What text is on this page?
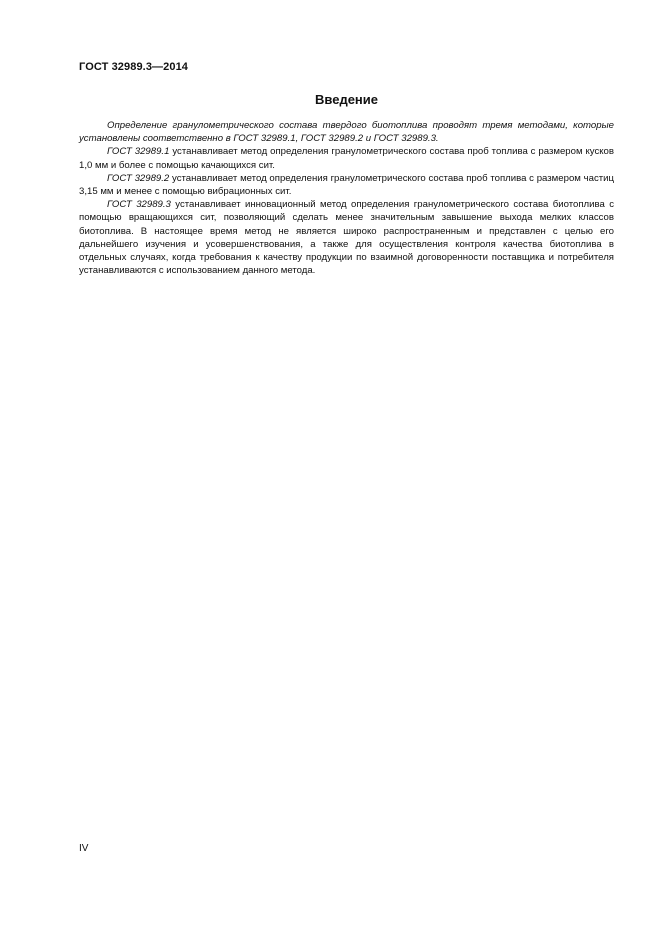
ГОСТ 32989.3—2014
Введение

Определение гранулометрического состава твердого биотоплива проводят тремя методами, которые установлены соответственно в ГОСТ 32989.1, ГОСТ 32989.2 и ГОСТ 32989.3.

ГОСТ 32989.1 устанавливает метод определения гранулометрического состава проб топлива с размером кусков 1,0 мм и более с помощью качающихся сит.

ГОСТ 32989.2 устанавливает метод определения гранулометрического состава проб топлива с размером частиц 3,15 мм и менее с помощью вибрационных сит.

ГОСТ 32989.3 устанавливает инновационный метод определения гранулометрического состава биотоплива с помощью вращающихся сит, позволяющий сделать менее значительным завышение выхода мелких классов биотоплива. В настоящее время метод не является широко распространенным и представлен с целью его дальнейшего изучения и усовершенствования, а также для осуществления контроля качества биотоплива в отдельных случаях, когда требования к качеству продукции по взаимной договоренности поставщика и потребителя устанавливаются с использованием данного метода.

IV
